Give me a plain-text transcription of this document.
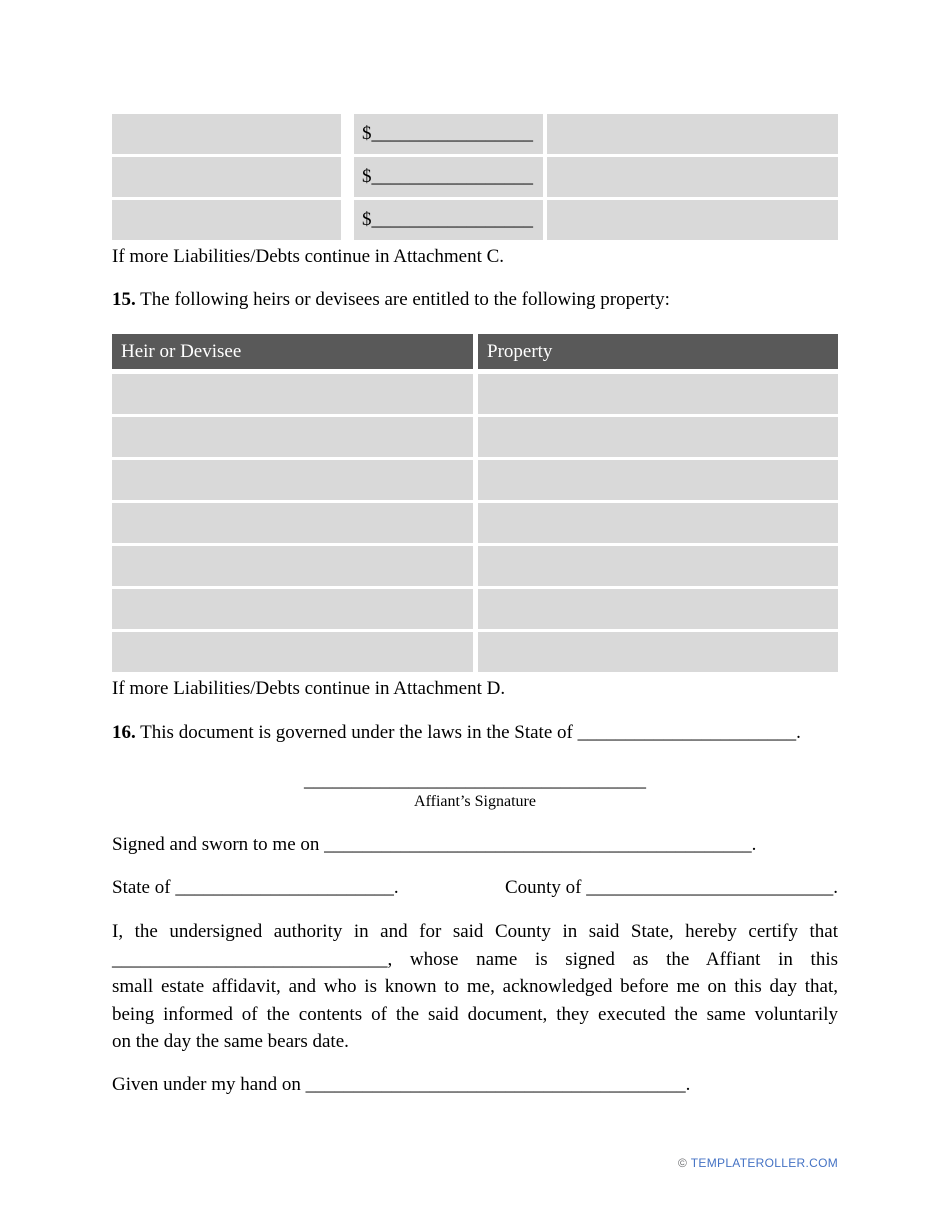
$_________________
$_________________
$_________________

If more Liabilities/Debts continue in Attachment C.

15. The following heirs or devisees are entitled to the following property:

Heir or Devisee	Property

If more Liabilities/Debts continue in Attachment D.

16. This document is governed under the laws in the State of _______________________.

____________________________________
Affiant’s Signature

Signed and sworn to me on _____________________________________________.

State of _______________________.	County of __________________________.
I, the undersigned authority in and for said County in said State, hereby certify that
_____________________________, whose name is signed as the Affiant in this
small estate affidavit, and who is known to me, acknowledged before me on this day that,
being informed of the contents of the said document, they executed the same voluntarily
on the day the same bears date.

Given under my hand on ________________________________________.

© TEMPLATEROLLER.COM
